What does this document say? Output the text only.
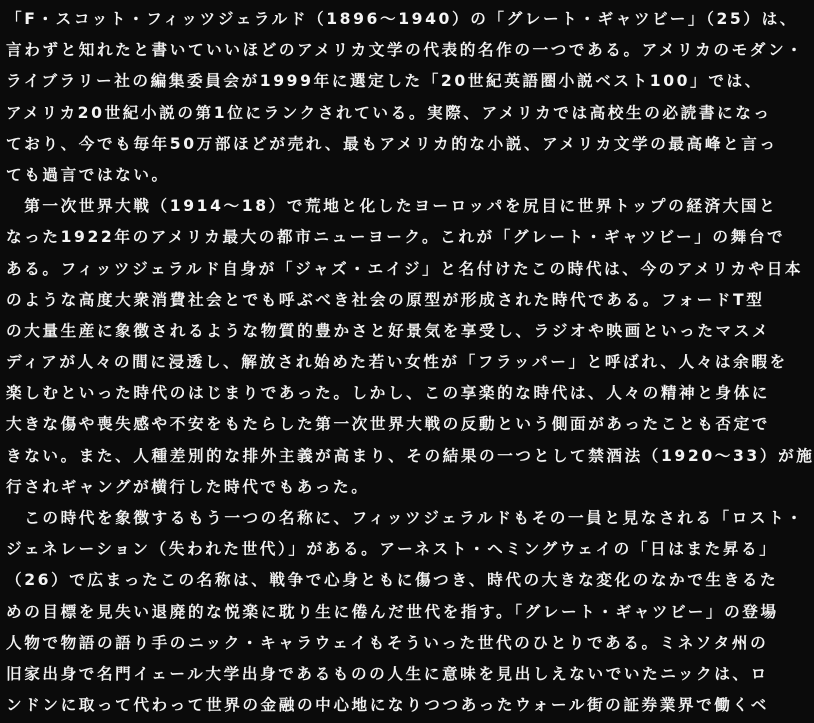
「F・スコット・フィッツジェラルド（1896〜1940）の「グレート・ギャツビー」（25）は、
言わずと知れたと書いていいほどのアメリカ文学の代表的名作の一つである。アメリカのモダン・
ライブラリー社の編集委員会が1999年に選定した「20世紀英語圏小説ベスト100」では、
アメリカ20世紀小説の第1位にランクされている。実際、アメリカでは高校生の必読書になっ
ており、今でも毎年50万部ほどが売れ、最もアメリカ的な小説、アメリカ文学の最高峰と言っ
ても過言ではない。
　第一次世界大戦（1914〜18）で荒地と化したヨーロッパを尻目に世界トップの経済大国と
なった1922年のアメリカ最大の都市ニューヨーク。これが「グレート・ギャツビー」の舞台で
ある。フィッツジェラルド自身が「ジャズ・エイジ」と名付けたこの時代は、今のアメリカや日本
のような高度大衆消費社会とでも呼ぶべき社会の原型が形成された時代である。フォードT型
の大量生産に象徴されるような物質的豊かさと好景気を享受し、ラジオや映画といったマスメ
ディアが人々の間に浸透し、解放され始めた若い女性が「フラッパー」と呼ばれ、人々は余暇を
楽しむといった時代のはじまりであった。しかし、この享楽的な時代は、人々の精神と身体に
大きな傷や喪失感や不安をもたらした第一次世界大戦の反動という側面があったことも否定で
きない。また、人種差別的な排外主義が高まり、その結果の一つとして禁酒法（1920〜33）が施
行されギャングが横行した時代でもあった。
　この時代を象徴するもう一つの名称に、フィッツジェラルドもその一員と見なされる「ロスト・
ジェネレーション（失われた世代）」がある。アーネスト・ヘミングウェイの「日はまた昇る」
（26）で広まったこの名称は、戦争で心身ともに傷つき、時代の大きな変化のなかで生きるた
めの目標を見失い退廃的な悦楽に耽り生に倦んだ世代を指す。「グレート・ギャツビー」の登場
人物で物語の語り手のニック・キャラウェイもそういった世代のひとりである。ミネソタ州の
旧家出身で名門イェール大学出身であるものの人生に意味を見出しえないでいたニックは、ロ
ンドンに取って代わって世界の金融の中心地になりつつあったウォール街の証券業界で働くベ
